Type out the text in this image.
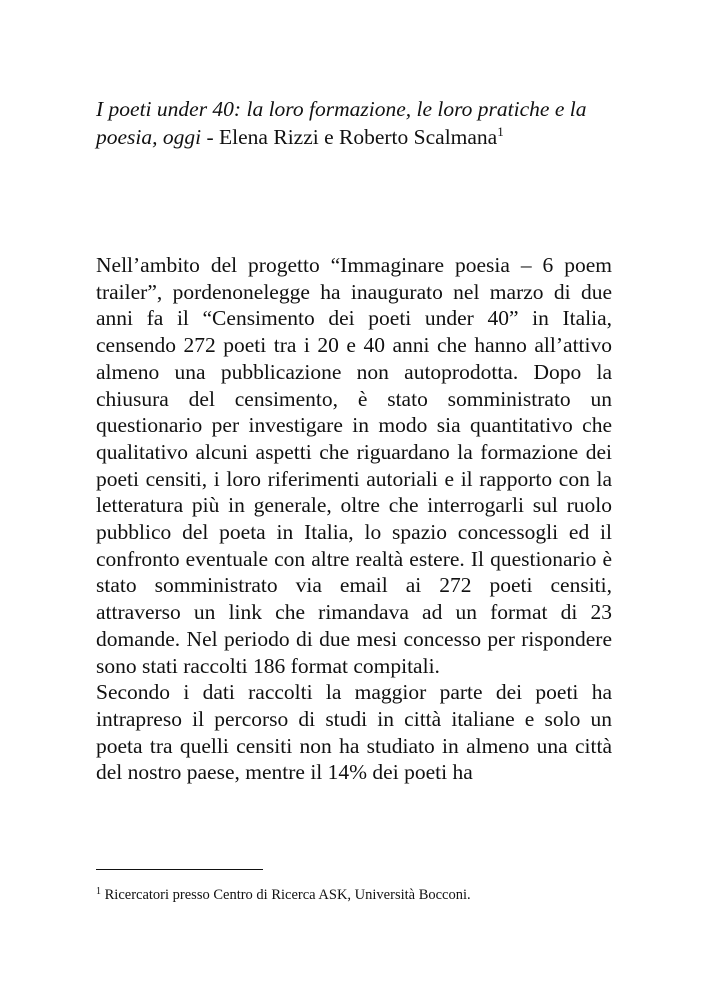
I poeti under 40: la loro formazione, le loro pratiche e la poesia, oggi - Elena Rizzi e Roberto Scalmana$^1$

Nell’ambito del progetto “Immaginare poesia – 6 poem trailer”, pordenonelegge ha inaugurato nel marzo di due anni fa il “Censimento dei poeti under 40” in Italia, censendo 272 poeti tra i 20 e 40 anni che hanno all’attivo almeno una pubblicazione non autoprodotta. Dopo la chiusura del censimento, è stato somministrato un questionario per investigare in modo sia quantitativo che qualitativo alcuni aspetti che riguardano la formazione dei poeti censiti, i loro riferimenti autoriali e il rapporto con la letteratura più in generale, oltre che interrogarli sul ruolo pubblico del poeta in Italia, lo spazio concessogli ed il confronto eventuale con altre realtà estere. Il questionario è stato somministrato via email ai 272 poeti censiti, attraverso un link che rimandava ad un format di 23 domande. Nel periodo di due mesi concesso per rispondere sono stati raccolti 186 format compitali.

Secondo i dati raccolti la maggior parte dei poeti ha intrapreso il percorso di studi in città italiane e solo un poeta tra quelli censiti non ha studiato in almeno una città del nostro paese, mentre il 14% dei poeti ha

$^1$ Ricercatori presso Centro di Ricerca ASK, Università Bocconi.
